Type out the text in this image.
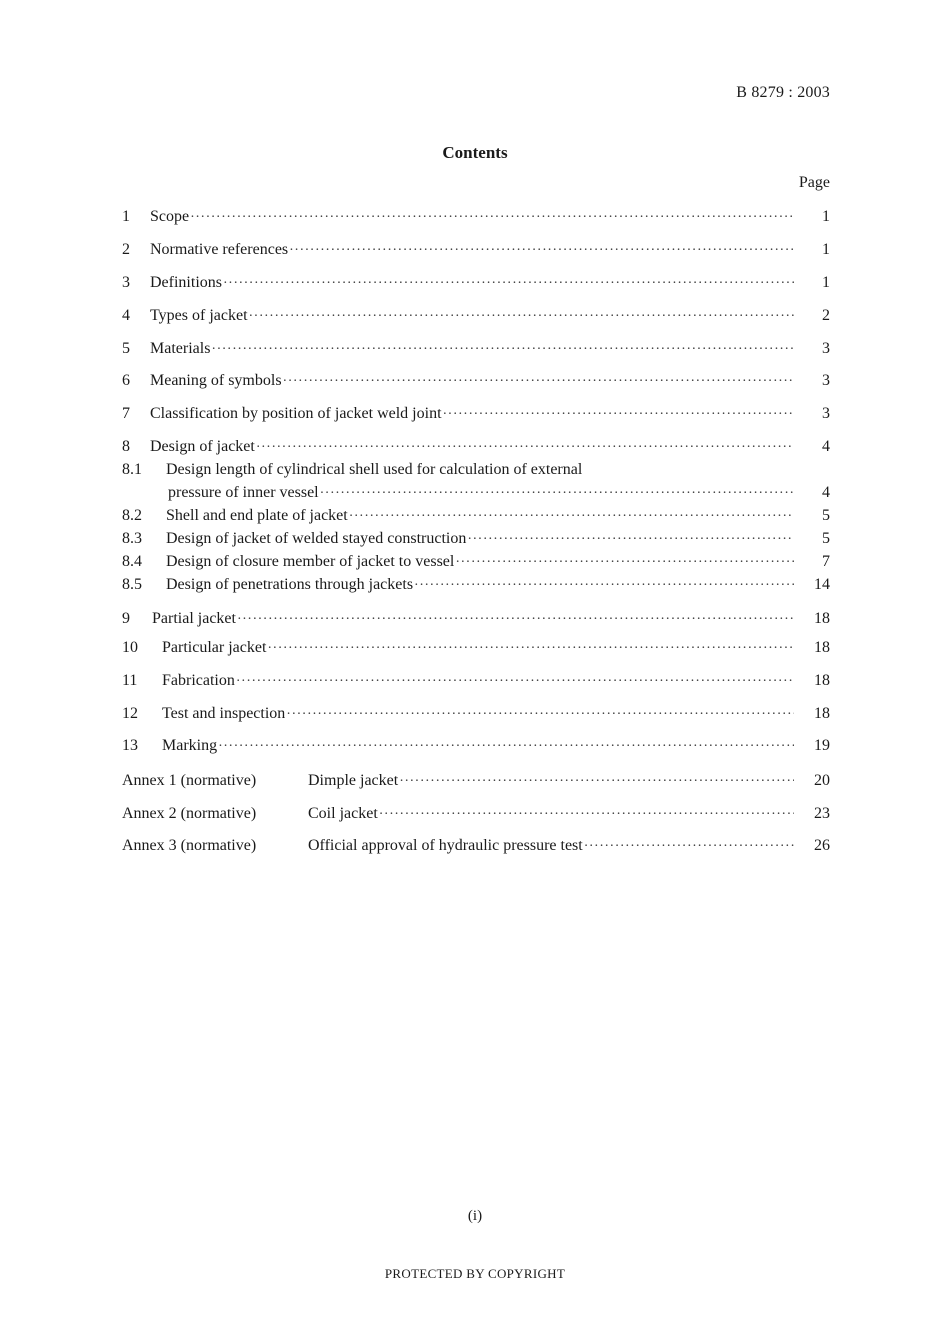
B 8279 : 2003
Contents
Page
1	Scope ·····	1
2	Normative references ·····	1
3	Definitions ·····	1
4	Types of jacket ·····	2
5	Materials ·····	3
6	Meaning of symbols ·····	3
7	Classification by position of jacket weld joint ·····	3
8	Design of jacket ·····	4
8.1	Design length of cylindrical shell used for calculation of external
pressure of inner vessel ·····	4
8.2	Shell and end plate of jacket ·····	5
8.3	Design of jacket of welded stayed construction ·····	5
8.4	Design of closure member of jacket to vessel ·····	7
8.5	Design of penetrations through jackets ·····	14
9	Partial jacket ·····	18
10	Particular jacket ·····	18
11	Fabrication ·····	18
12	Test and inspection ·····	18
13	Marking ·····	19
Annex 1 (normative)	Dimple jacket ·····	20
Annex 2 (normative)	Coil jacket ·····	23
Annex 3 (normative)	Official approval of hydraulic pressure test ·····	26
(i)
PROTECTED BY COPYRIGHT
